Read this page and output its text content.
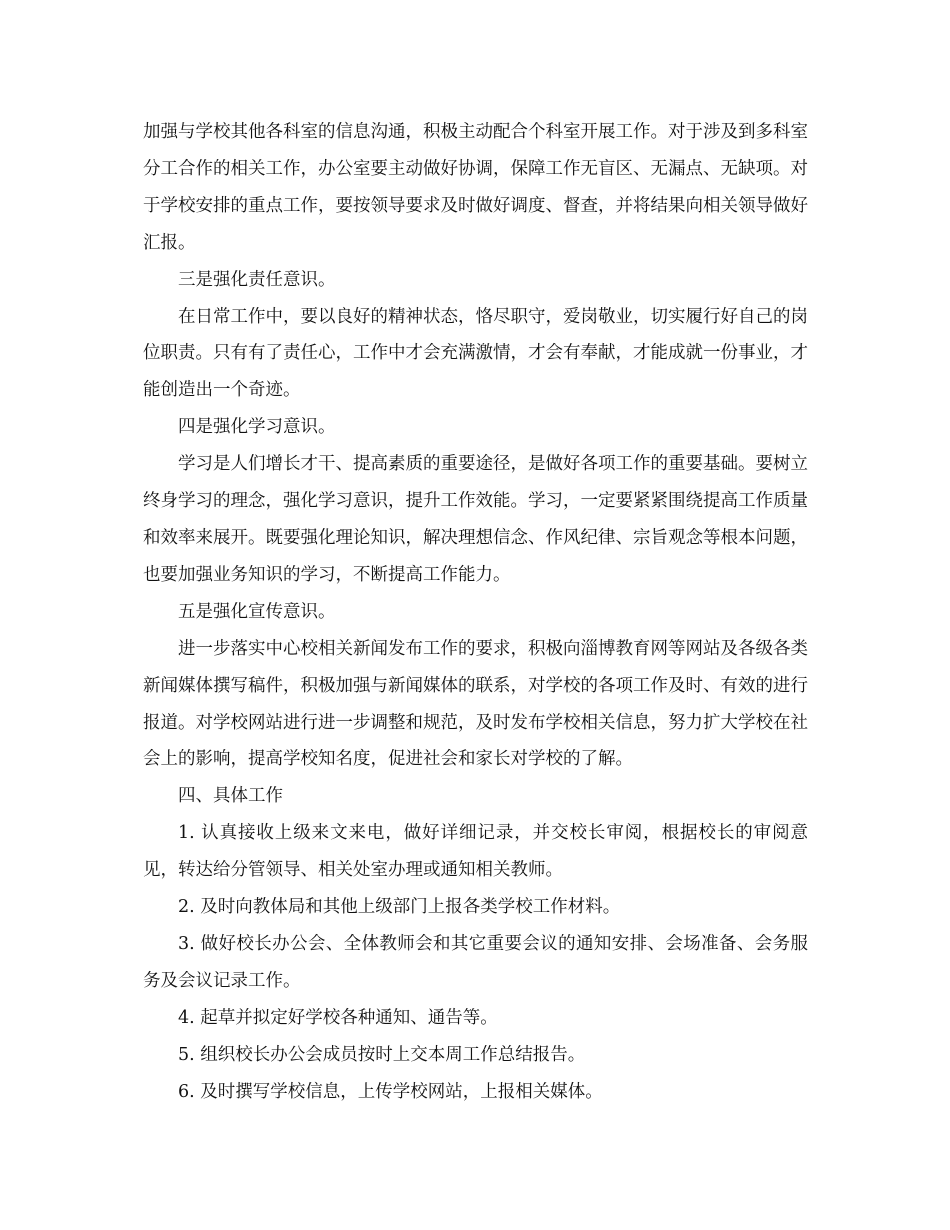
加强与学校其他各科室的信息沟通，积极主动配合个科室开展工作。对于涉及到多科室分工合作的相关工作，办公室要主动做好协调，保障工作无盲区、无漏点、无缺项。对于学校安排的重点工作，要按领导要求及时做好调度、督查，并将结果向相关领导做好汇报。

三是强化责任意识。

在日常工作中，要以良好的精神状态，恪尽职守，爱岗敬业，切实履行好自己的岗位职责。只有有了责任心，工作中才会充满激情，才会有奉献，才能成就一份事业，才能创造出一个奇迹。

四是强化学习意识。

学习是人们增长才干、提高素质的重要途径，是做好各项工作的重要基础。要树立终身学习的理念，强化学习意识，提升工作效能。学习，一定要紧紧围绕提高工作质量和效率来展开。既要强化理论知识，解决理想信念、作风纪律、宗旨观念等根本问题，也要加强业务知识的学习，不断提高工作能力。

五是强化宣传意识。

进一步落实中心校相关新闻发布工作的要求，积极向淄博教育网等网站及各级各类新闻媒体撰写稿件，积极加强与新闻媒体的联系，对学校的各项工作及时、有效的进行报道。对学校网站进行进一步调整和规范，及时发布学校相关信息，努力扩大学校在社会上的影响，提高学校知名度，促进社会和家长对学校的了解。

四、具体工作

1. 认真接收上级来文来电，做好详细记录，并交校长审阅，根据校长的审阅意见，转达给分管领导、相关处室办理或通知相关教师。

2. 及时向教体局和其他上级部门上报各类学校工作材料。

3. 做好校长办公会、全体教师会和其它重要会议的通知安排、会场准备、会务服务及会议记录工作。

4. 起草并拟定好学校各种通知、通告等。

5. 组织校长办公会成员按时上交本周工作总结报告。

6. 及时撰写学校信息，上传学校网站，上报相关媒体。
